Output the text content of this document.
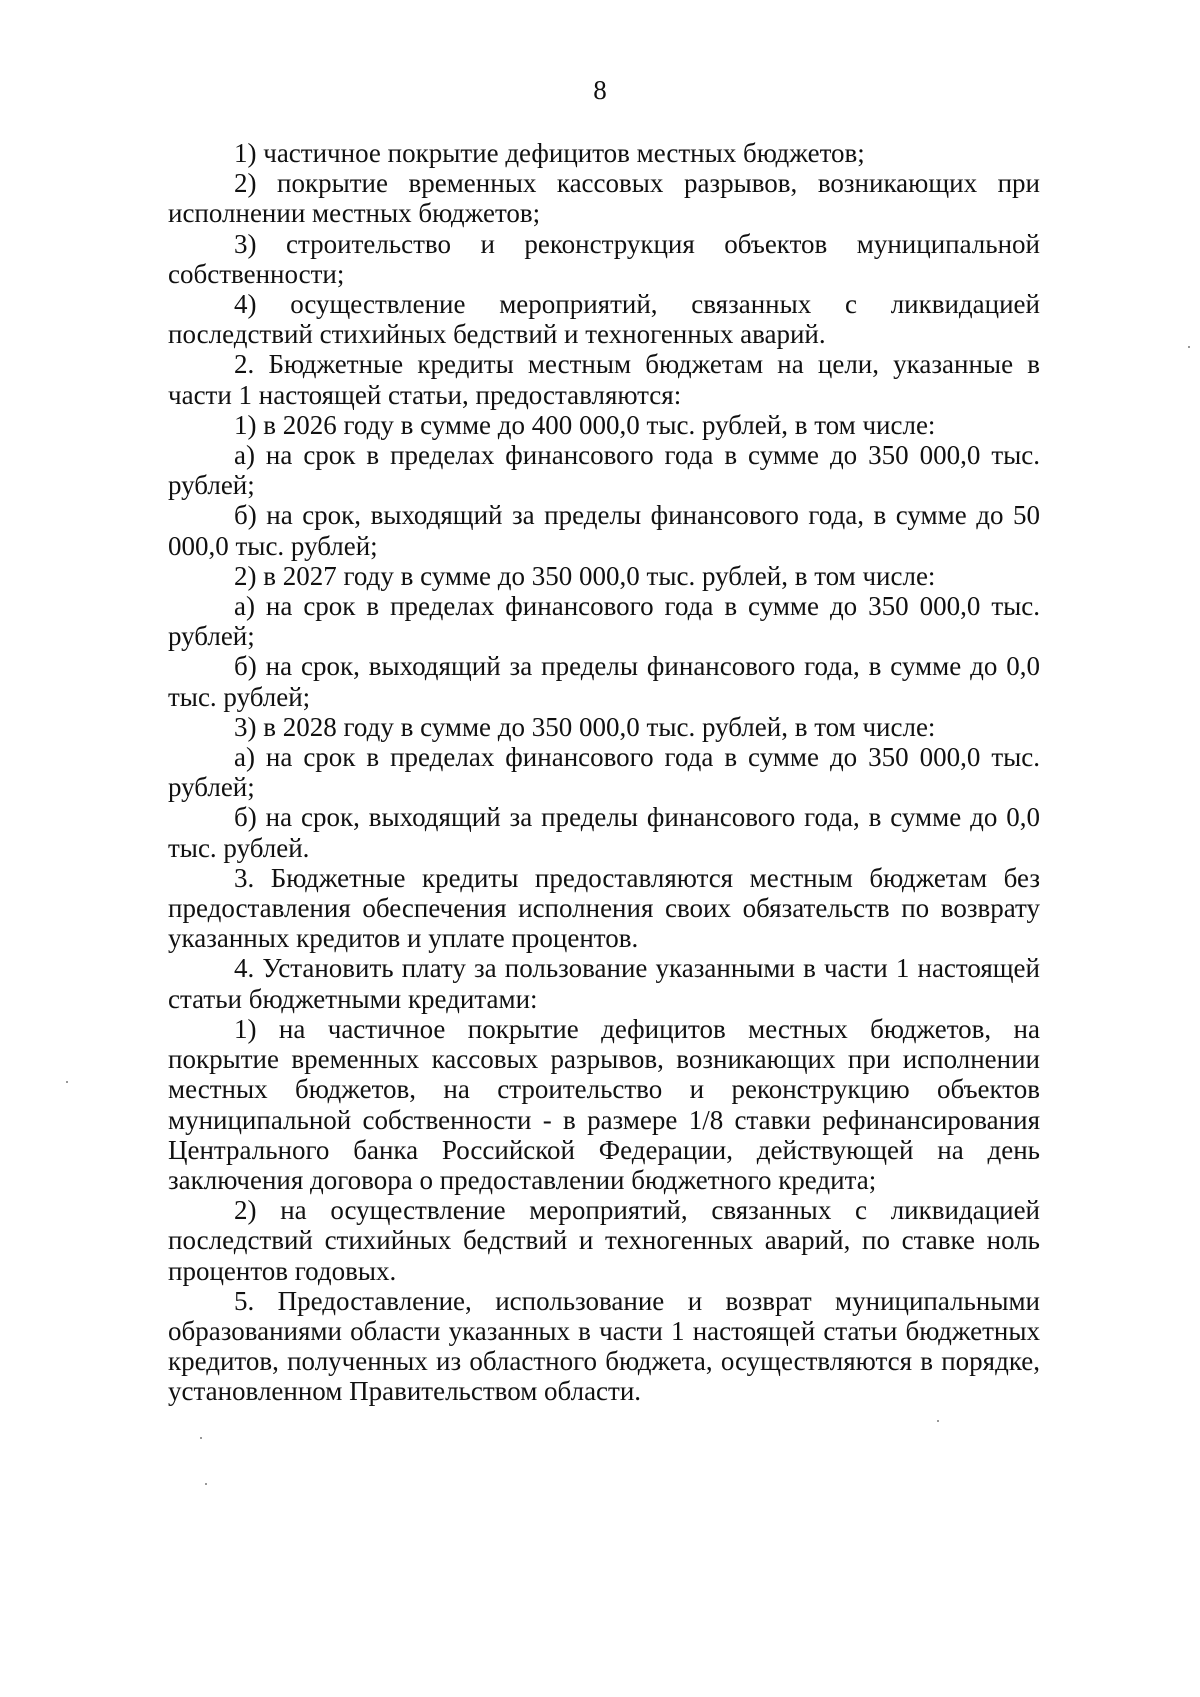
8

1) частичное покрытие дефицитов местных бюджетов;

2) покрытие временных кассовых разрывов, возникающих при исполнении местных бюджетов;

3) строительство и реконструкция объектов муниципальной собственности;

4) осуществление мероприятий, связанных с ликвидацией последствий стихийных бедствий и техногенных аварий.

2. Бюджетные кредиты местным бюджетам на цели, указанные в части 1 настоящей статьи, предоставляются:

1) в 2026 году в сумме до 400 000,0 тыс. рублей, в том числе:

а) на срок в пределах финансового года в сумме до 350 000,0 тыс. рублей;

б) на срок, выходящий за пределы финансового года, в сумме до 50 000,0 тыс. рублей;

2) в 2027 году в сумме до 350 000,0 тыс. рублей, в том числе:

а) на срок в пределах финансового года в сумме до 350 000,0 тыс. рублей;

б) на срок, выходящий за пределы финансового года, в сумме до 0,0 тыс. рублей;

3) в 2028 году в сумме до 350 000,0 тыс. рублей, в том числе:

а) на срок в пределах финансового года в сумме до 350 000,0 тыс. рублей;

б) на срок, выходящий за пределы финансового года, в сумме до 0,0 тыс. рублей.

3. Бюджетные кредиты предоставляются местным бюджетам без предоставления обеспечения исполнения своих обязательств по возврату указанных кредитов и уплате процентов.

4. Установить плату за пользование указанными в части 1 настоящей статьи бюджетными кредитами:

1) на частичное покрытие дефицитов местных бюджетов, на покрытие временных кассовых разрывов, возникающих при исполнении местных бюджетов, на строительство и реконструкцию объектов муниципальной собственности - в размере 1/8 ставки рефинансирования Центрального банка Российской Федерации, действующей на день заключения договора о предоставлении бюджетного кредита;

2) на осуществление мероприятий, связанных с ликвидацией последствий стихийных бедствий и техногенных аварий, по ставке ноль процентов годовых.

5. Предоставление, использование и возврат муниципальными образованиями области указанных в части 1 настоящей статьи бюджетных кредитов, полученных из областного бюджета, осуществляются в порядке, установленном Правительством области.
